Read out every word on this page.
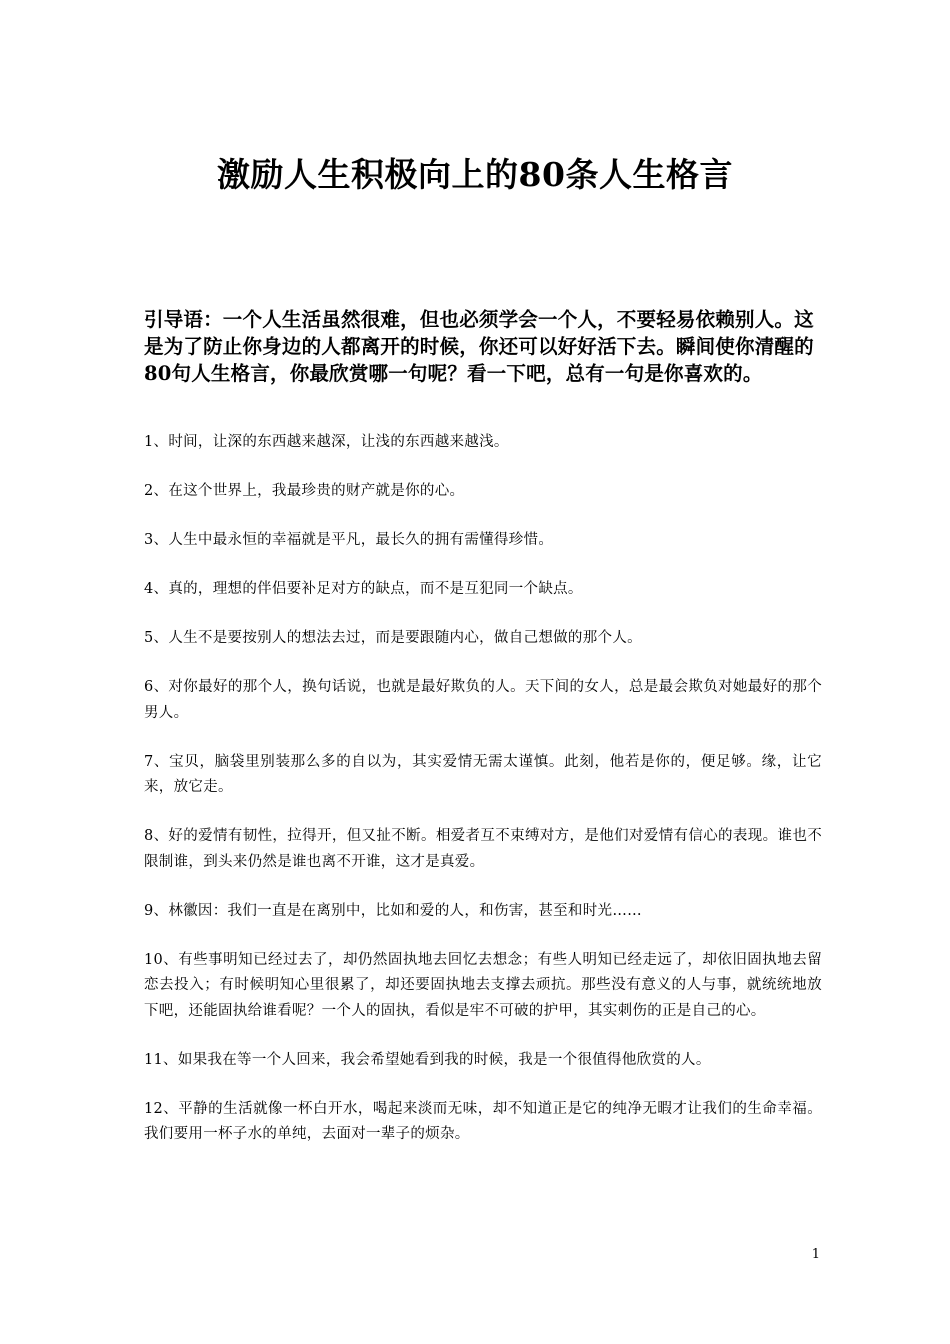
激励人生积极向上的80条人生格言

引导语：一个人生活虽然很难，但也必须学会一个人，不要轻易依赖别人。这是为了防止你身边的人都离开的时候，你还可以好好活下去。瞬间使你清醒的80句人生格言，你最欣赏哪一句呢？看一下吧，总有一句是你喜欢的。

1、时间，让深的东西越来越深，让浅的东西越来越浅。
2、在这个世界上，我最珍贵的财产就是你的心。
3、人生中最永恒的幸福就是平凡，最长久的拥有需懂得珍惜。
4、真的，理想的伴侣要补足对方的缺点，而不是互犯同一个缺点。
5、人生不是要按别人的想法去过，而是要跟随内心，做自己想做的那个人。
6、对你最好的那个人，换句话说，也就是最好欺负的人。天下间的女人，总是最会欺负对她最好的那个男人。
7、宝贝，脑袋里别装那么多的自以为，其实爱情无需太谨慎。此刻，他若是你的，便足够。缘，让它来，放它走。
8、好的爱情有韧性，拉得开，但又扯不断。相爱者互不束缚对方，是他们对爱情有信心的表现。谁也不限制谁，到头来仍然是谁也离不开谁，这才是真爱。
9、林徽因：我们一直是在离别中，比如和爱的人，和伤害，甚至和时光……
10、有些事明知已经过去了，却仍然固执地去回忆去想念；有些人明知已经走远了，却依旧固执地去留恋去投入；有时候明知心里很累了，却还要固执地去支撑去顽抗。那些没有意义的人与事，就统统地放下吧，还能固执给谁看呢？一个人的固执，看似是牢不可破的护甲，其实刺伤的正是自己的心。
11、如果我在等一个人回来，我会希望她看到我的时候，我是一个很值得他欣赏的人。
12、平静的生活就像一杯白开水，喝起来淡而无味，却不知道正是它的纯净无暇才让我们的生命幸福。我们要用一杯子水的单纯，去面对一辈子的烦杂。
1
